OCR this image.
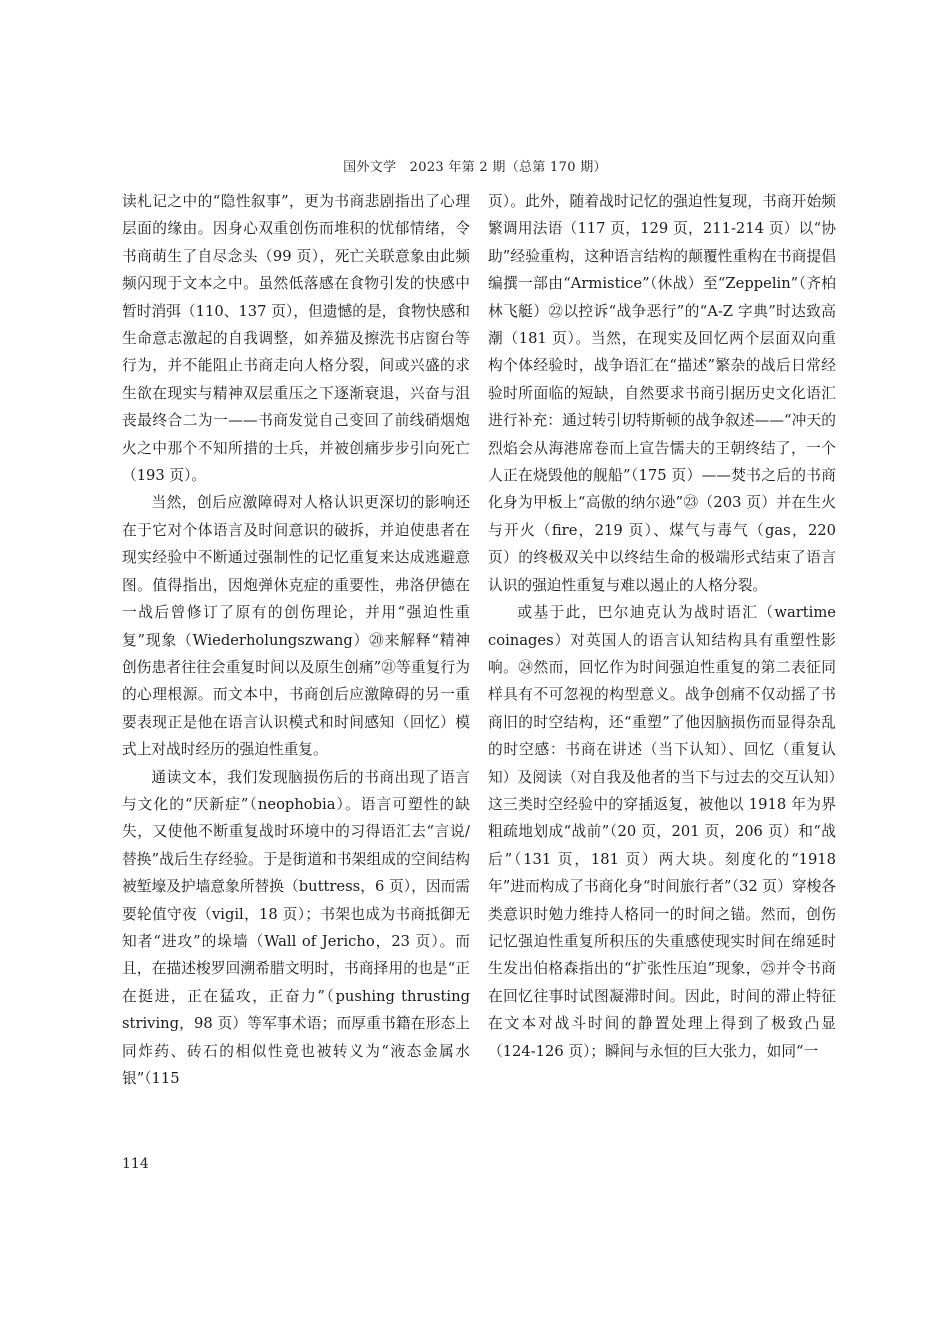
国外文学　2023 年第 2 期（总第 170 期）

读札记之中的“隐性叙事”，更为书商悲剧指出了心理层面的缘由。因身心双重创伤而堆积的忧郁情绪，令书商萌生了自尽念头（99 页），死亡关联意象由此频频闪现于文本之中。虽然低落感在食物引发的快感中暂时消弭（110、137 页），但遗憾的是，食物快感和生命意志激起的自我调整，如养猫及擦洗书店窗台等行为，并不能阻止书商走向人格分裂，间或兴盛的求生欲在现实与精神双层重压之下逐渐衰退，兴奋与沮丧最终合二为一——书商发觉自己变回了前线硝烟炮火之中那个不知所措的士兵，并被创痛步步引向死亡（193 页）。

当然，创后应激障碍对人格认识更深切的影响还在于它对个体语言及时间意识的破拆，并迫使患者在现实经验中不断通过强制性的记忆重复来达成逃避意图。值得指出，因炮弹休克症的重要性，弗洛伊德在一战后曾修订了原有的创伤理论，并用“强迫性重复”现象（Wiederholungszwang）⑳来解释“精神创伤患者往往会重复时间以及原生创痛”㉑等重复行为的心理根源。而文本中，书商创后应激障碍的另一重要表现正是他在语言认识模式和时间感知（回忆）模式上对战时经历的强迫性重复。

通读文本，我们发现脑损伤后的书商出现了语言与文化的“厌新症”（neophobia）。语言可塑性的缺失，又使他不断重复战时环境中的习得语汇去“言说/替换”战后生存经验。于是街道和书架组成的空间结构被堑壕及护墙意象所替换（buttress，6 页），因而需要轮值守夜（vigil，18 页）；书架也成为书商抵御无知者“进攻”的垛墙（Wall of Jericho，23 页）。而且，在描述梭罗回溯希腊文明时，书商择用的也是“正在挺进，正在猛攻，正奋力”（pushing thrusting striving，98 页）等军事术语；而厚重书籍在形态上同炸药、砖石的相似性竟也被转义为“液态金属水银”（115

页）。此外，随着战时记忆的强迫性复现，书商开始频繁调用法语（117 页，129 页，211-214 页）以“协助”经验重构，这种语言结构的颠覆性重构在书商提倡编撰一部由“Armistice”（休战）至“Zeppelin”（齐柏林飞艇）㉒以控诉“战争恶行”的“A-Z 字典”时达致高潮（181 页）。当然，在现实及回忆两个层面双向重构个体经验时，战争语汇在“描述”繁杂的战后日常经验时所面临的短缺，自然要求书商引据历史文化语汇进行补充：通过转引切特斯顿的战争叙述——“冲天的烈焰会从海港席卷而上宣告懦夫的王朝终结了，一个人正在烧毁他的舰船”（175 页）——焚书之后的书商化身为甲板上“高傲的纳尔逊”㉓（203 页）并在生火与开火（fire，219 页）、煤气与毒气（gas，220 页）的终极双关中以终结生命的极端形式结束了语言认识的强迫性重复与难以遏止的人格分裂。

或基于此，巴尔迪克认为战时语汇（wartime coinages）对英国人的语言认知结构具有重塑性影响。㉔然而，回忆作为时间强迫性重复的第二表征同样具有不可忽视的构型意义。战争创痛不仅动摇了书商旧的时空结构，还“重塑”了他因脑损伤而显得杂乱的时空感：书商在讲述（当下认知）、回忆（重复认知）及阅读（对自我及他者的当下与过去的交互认知）这三类时空经验中的穿插返复，被他以 1918 年为界粗疏地划成“战前”（20 页，201 页，206 页）和“战后”（131 页，181 页）两大块。刻度化的“1918 年”进而构成了书商化身“时间旅行者”（32 页）穿梭各类意识时勉力维持人格同一的时间之锚。然而，创伤记忆强迫性重复所积压的失重感使现实时间在绵延时生发出伯格森指出的“扩张性压迫”现象，㉕并令书商在回忆往事时试图凝滞时间。因此，时间的滞止特征在文本对战斗时间的静置处理上得到了极致凸显（124-126 页）；瞬间与永恒的巨大张力，如同“一

114
